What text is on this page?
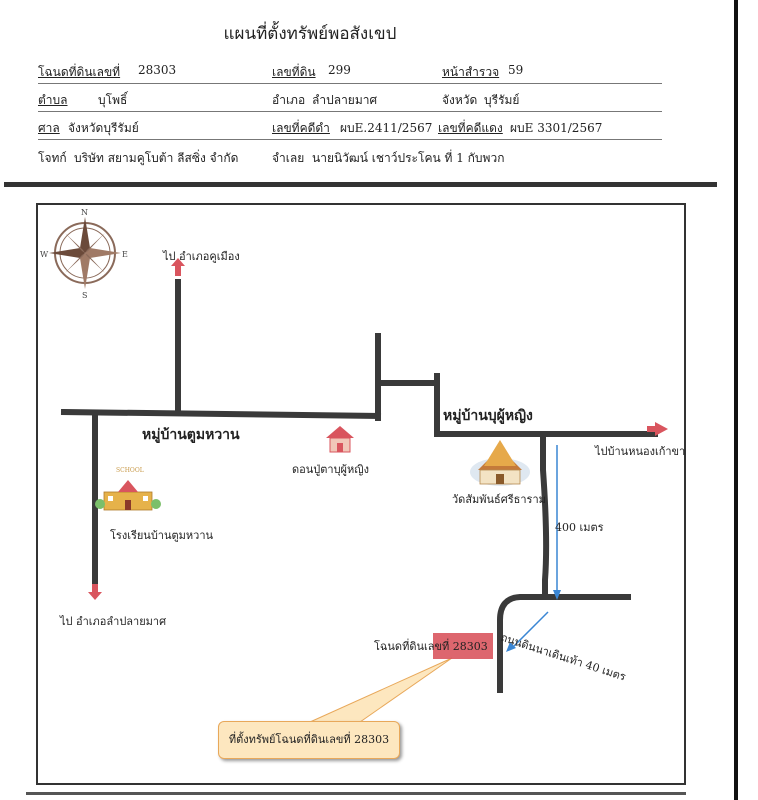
แผนที่ตั้งทรัพย์พอสังเขป
โฉนดที่ดินเลขที่ 28303	เลขที่ดิน 299	หน้าสำรวจ 59
ตำบล	บุโพธิ์	อำเภอ ลำปลายมาศ	จังหวัด บุรีรัมย์
ศาล จังหวัดบุรีรัมย์	เลขที่คดีดำ ผบE.2411/2567 เลขที่คดีแดง ผบE 3301/2567
โจทก์ บริษัท สยามคูโบต้า ลีสซิ่ง จำกัด	จำเลย นายนิวัฒน์ เชาว์ประโคน ที่ 1 กับพวก
N
S
E
W
SCHOOL
ไป อำเภอคูเมือง
หมู่บ้านตูมหวาน
หมู่บ้านบุผู้หญิง
ไปบ้านหนองเก้าขา
ดอนปู่ตาบุผู้หญิง
วัดสัมพันธ์ศรีธาราม
โรงเรียนบ้านตูมหวาน
ไป อำเภอลำปลายมาศ
400 เมตร
ถนนดินนาเดินเท้า 40 เมตร
โฉนดที่ดินเลขที่ 28303
ที่ตั้งทรัพย์โฉนดที่ดินเลขที่ 28303
